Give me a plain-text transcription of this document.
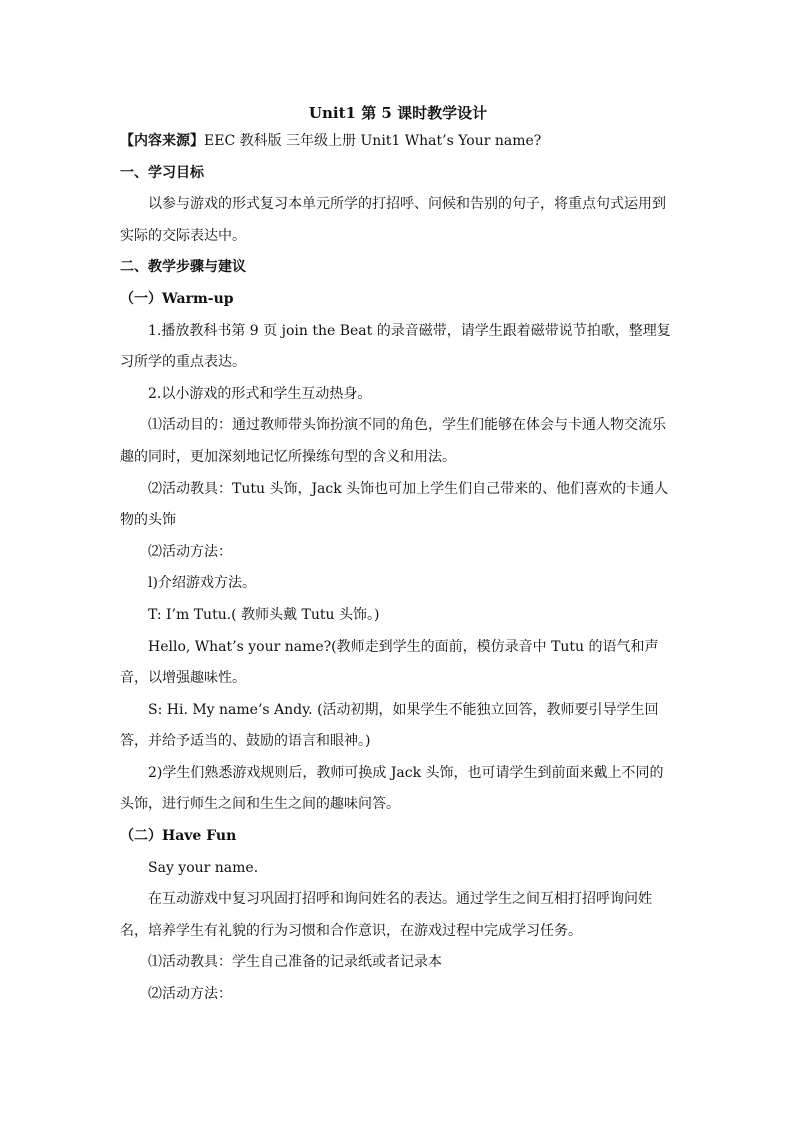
Unit1 第 5 课时教学设计

【内容来源】EEC 教科版 三年级上册 Unit1 What’s Your name?

一、学习目标

以参与游戏的形式复习本单元所学的打招呼、问候和告别的句子，将重点句式运用到实际的交际表达中。

二、教学步骤与建议

（一）Warm-up

1.播放教科书第 9 页 join the Beat 的录音磁带，请学生跟着磁带说节拍歌，整理复习所学的重点表达。

2.以小游戏的形式和学生互动热身。

⑴活动目的：通过教师带头饰扮演不同的角色，学生们能够在体会与卡通人物交流乐趣的同时，更加深刻地记忆所操练句型的含义和用法。

⑵活动教具：Tutu 头饰，Jack 头饰也可加上学生们自己带来的、他们喜欢的卡通人物的头饰

⑵活动方法：

l)介绍游戏方法。

T: I’m Tutu.( 教师头戴 Tutu 头饰。)

Hello, What’s your name?(教师走到学生的面前，模仿录音中 Tutu 的语气和声音，以增强趣味性。

S: Hi. My name’s Andy. (活动初期，如果学生不能独立回答，教师要引导学生回答，并给予适当的、鼓励的语言和眼神。)

2)学生们熟悉游戏规则后，教师可换成 Jack 头饰，也可请学生到前面来戴上不同的头饰，进行师生之间和生生之间的趣味问答。

（二）Have Fun

Say your name.

在互动游戏中复习巩固打招呼和询问姓名的表达。通过学生之间互相打招呼询问姓名，培养学生有礼貌的行为习惯和合作意识，在游戏过程中完成学习任务。

⑴活动教具：学生自己准备的记录纸或者记录本

⑵活动方法：
